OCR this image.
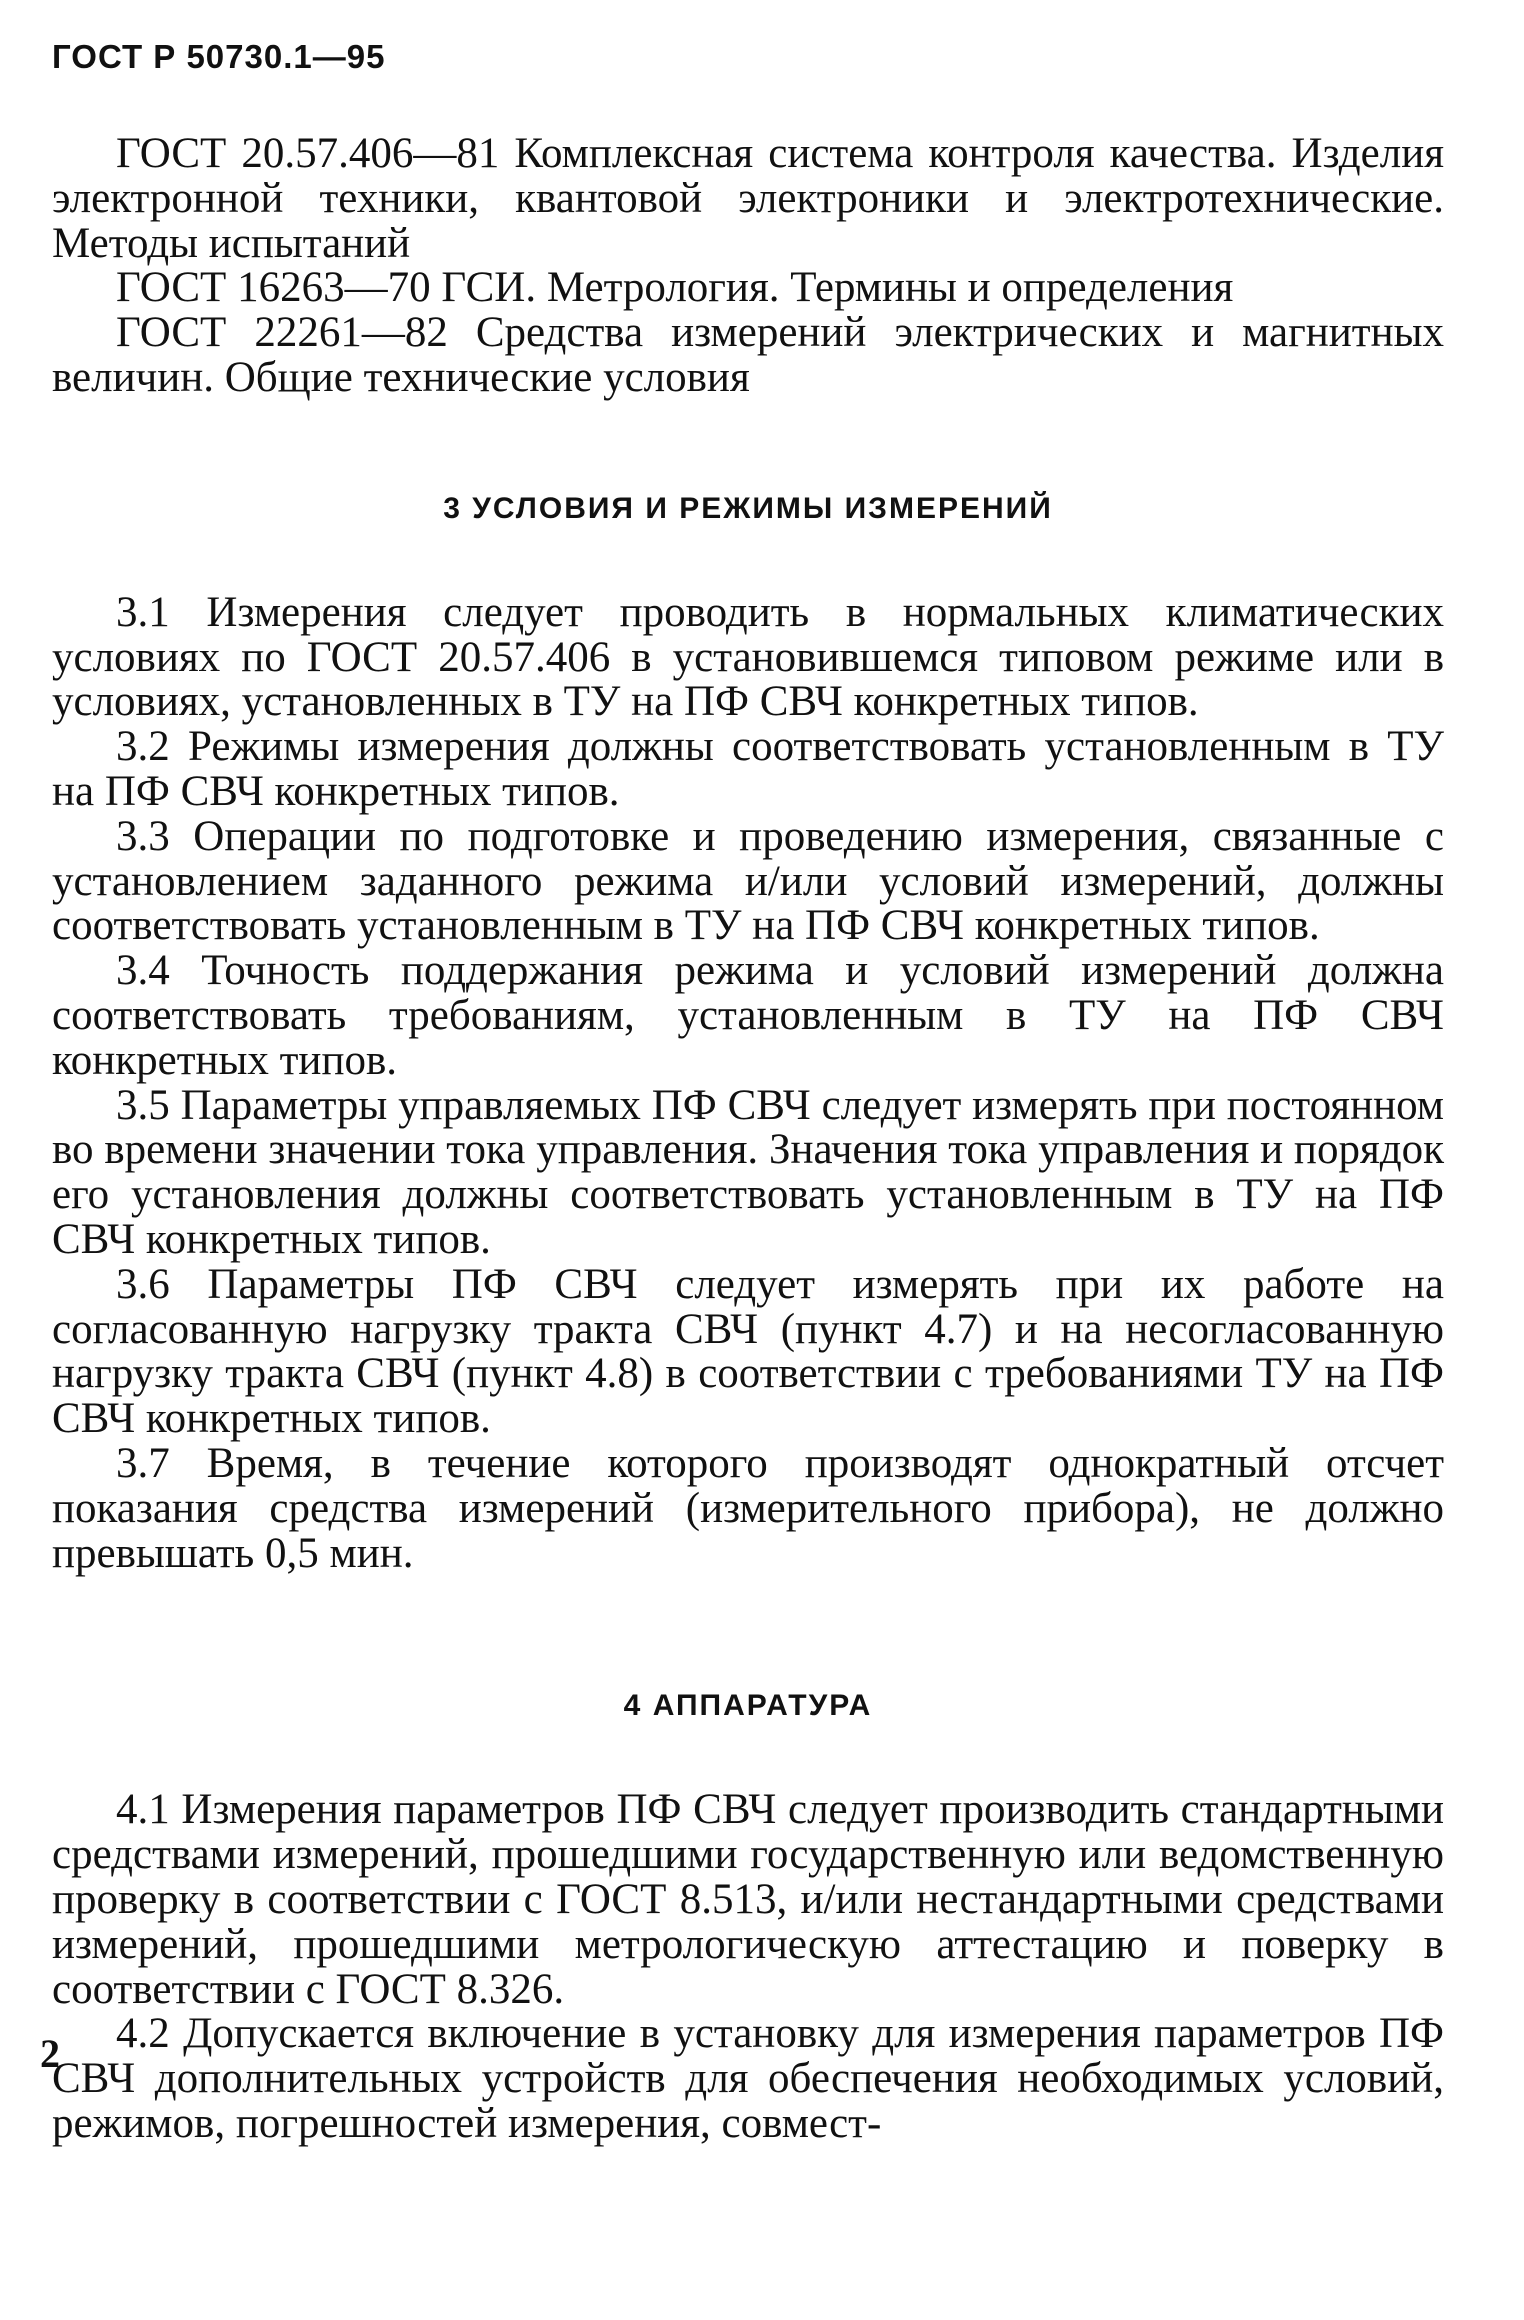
ГОСТ Р 50730.1—95

ГОСТ 20.57.406—81 Комплексная система контроля качества. Изделия электронной техники, квантовой электроники и электротехнические. Методы испытаний

ГОСТ 16263—70 ГСИ. Метрология. Термины и определения

ГОСТ 22261—82 Средства измерений электрических и магнитных величин. Общие технические условия

3 УСЛОВИЯ И РЕЖИМЫ ИЗМЕРЕНИЙ

3.1 Измерения следует проводить в нормальных климатических условиях по ГОСТ 20.57.406 в установившемся типовом режиме или в условиях, установленных в ТУ на ПФ СВЧ конкретных типов.

3.2 Режимы измерения должны соответствовать установленным в ТУ на ПФ СВЧ конкретных типов.

3.3 Операции по подготовке и проведению измерения, связанные с установлением заданного режима и/или условий измерений, должны соответствовать установленным в ТУ на ПФ СВЧ конкретных типов.

3.4 Точность поддержания режима и условий измерений должна соответствовать требованиям, установленным в ТУ на ПФ СВЧ конкретных типов.

3.5 Параметры управляемых ПФ СВЧ следует измерять при постоянном во времени значении тока управления. Значения тока управления и порядок его установления должны соответствовать установленным в ТУ на ПФ СВЧ конкретных типов.

3.6 Параметры ПФ СВЧ следует измерять при их работе на согласованную нагрузку тракта СВЧ (пункт 4.7) и на несогласованную нагрузку тракта СВЧ (пункт 4.8) в соответствии с требованиями ТУ на ПФ СВЧ конкретных типов.

3.7 Время, в течение которого производят однократный отсчет показания средства измерений (измерительного прибора), не должно превышать 0,5 мин.

4 АППАРАТУРА

4.1 Измерения параметров ПФ СВЧ следует производить стандартными средствами измерений, прошедшими государственную или ведомственную проверку в соответствии с ГОСТ 8.513, и/или нестандартными средствами измерений, прошедшими метрологическую аттестацию и поверку в соответствии с ГОСТ 8.326.

4.2 Допускается включение в установку для измерения параметров ПФ СВЧ дополнительных устройств для обеспечения необходимых условий, режимов, погрешностей измерения, совмест-

2
